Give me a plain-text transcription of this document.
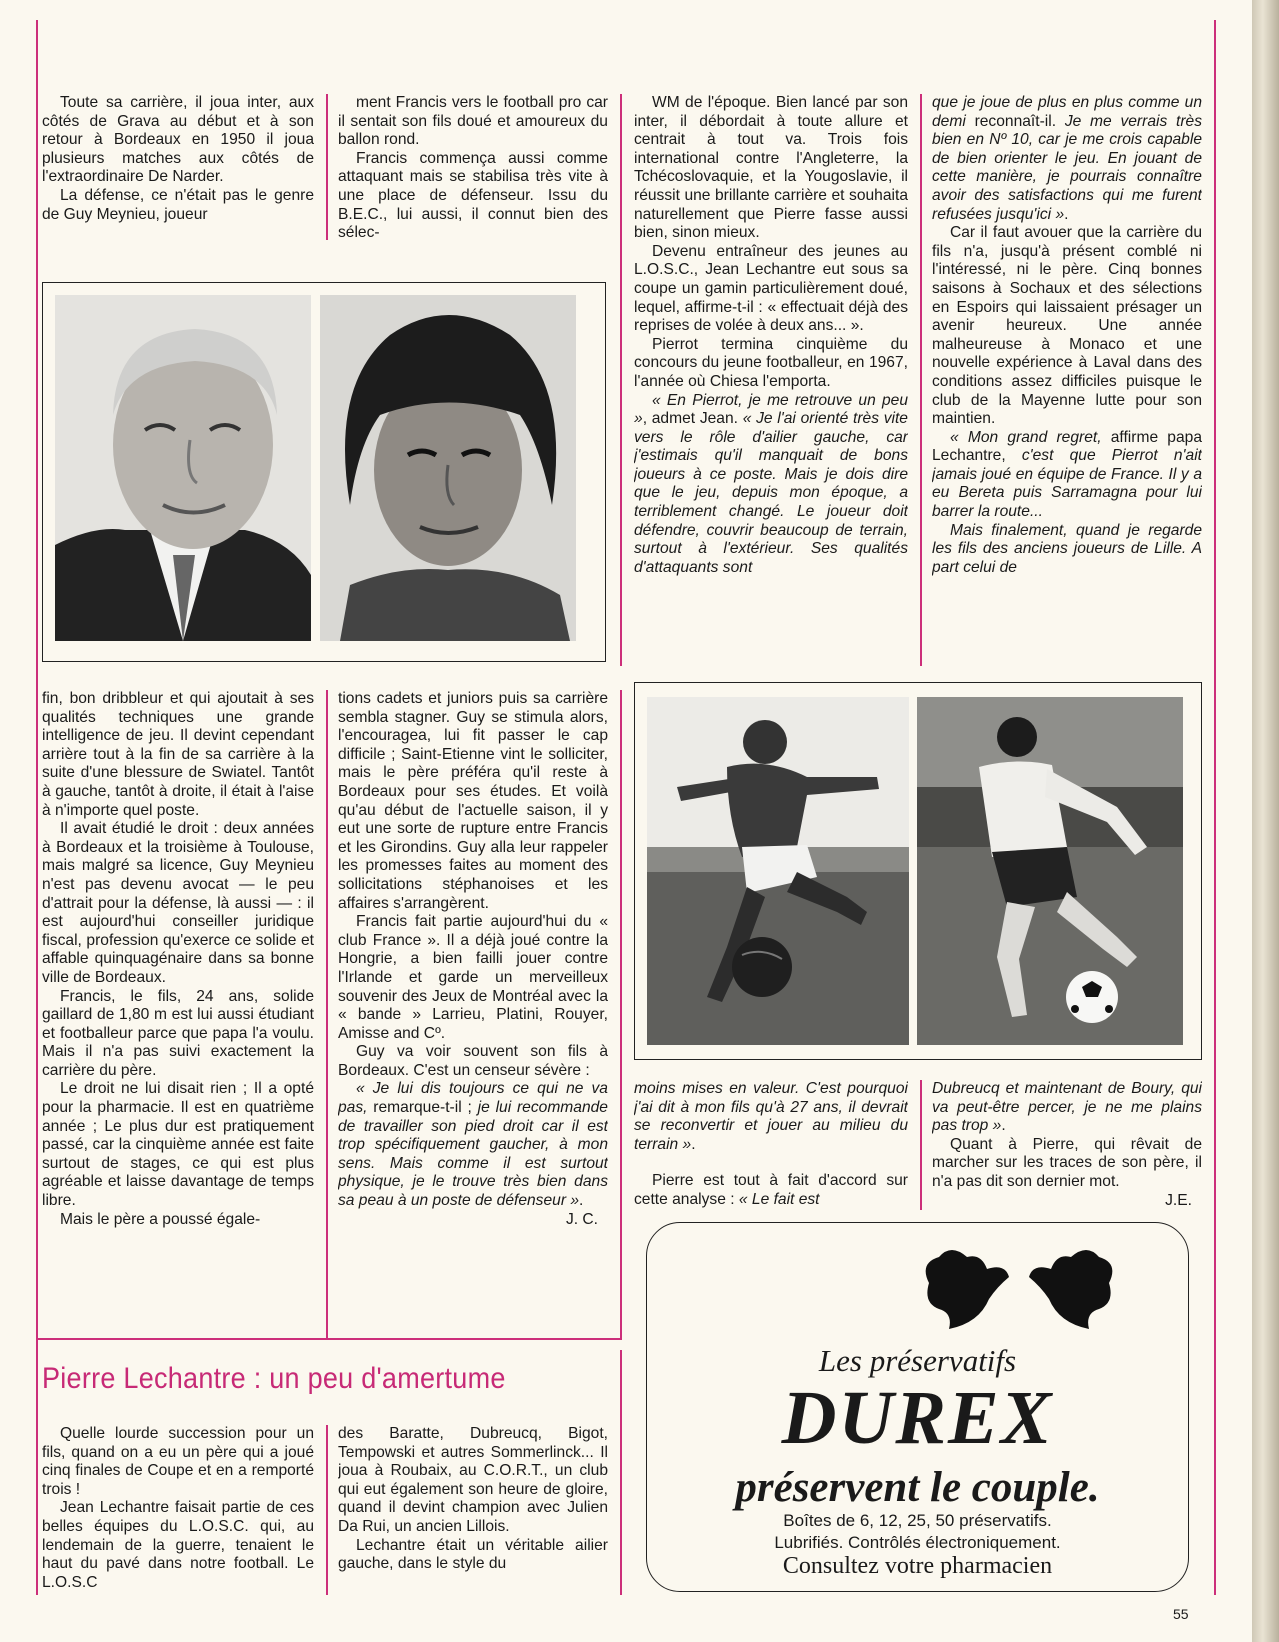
Toute sa carrière, il joua inter, aux côtés de Grava au début et à son retour à Bordeaux en 1950 il joua plusieurs matches aux côtés de l'extraordinaire De Narder.

La défense, ce n'était pas le genre de Guy Meynieu, joueur

ment Francis vers le football pro car il sentait son fils doué et amoureux du ballon rond.

Francis commença aussi comme attaquant mais se stabilisa très vite à une place de défenseur. Issu du B.E.C., lui aussi, il connut bien des sélec-

WM de l'époque. Bien lancé par son inter, il débordait à toute allure et centrait à tout va. Trois fois international contre l'Angleterre, la Tchécoslovaquie, et la Yougoslavie, il réussit une brillante carrière et souhaita naturellement que Pierre fasse aussi bien, sinon mieux.

Devenu entraîneur des jeunes au L.O.S.C., Jean Lechantre eut sous sa coupe un gamin particulièrement doué, lequel, affirme-t-il : « effectuait déjà des reprises de volée à deux ans... ».

Pierrot termina cinquième du concours du jeune footballeur, en 1967, l'année où Chiesa l'emporta.

« En Pierrot, je me retrouve un peu », admet Jean. « Je l'ai orienté très vite vers le rôle d'ailier gauche, car j'estimais qu'il manquait de bons joueurs à ce poste. Mais je dois dire que le jeu, depuis mon époque, a terriblement changé. Le joueur doit défendre, couvrir beaucoup de terrain, surtout à l'extérieur. Ses qualités d'attaquants sont

que je joue de plus en plus comme un demi reconnaît-il. Je me verrais très bien en Nº 10, car je me crois capable de bien orienter le jeu. En jouant de cette manière, je pourrais connaître avoir des satisfactions qui me furent refusées jusqu'ici ».

Car il faut avouer que la carrière du fils n'a, jusqu'à présent comblé ni l'intéressé, ni le père. Cinq bonnes saisons à Sochaux et des sélections en Espoirs qui laissaient présager un avenir heureux. Une année malheureuse à Monaco et une nouvelle expérience à Laval dans des conditions assez difficiles puisque le club de la Mayenne lutte pour son maintien.

« Mon grand regret, affirme papa Lechantre, c'est que Pierrot n'ait jamais joué en équipe de France. Il y a eu Bereta puis Sarramagna pour lui barrer la route...

Mais finalement, quand je regarde les fils des anciens joueurs de Lille. A part celui de

fin, bon dribbleur et qui ajoutait à ses qualités techniques une grande intelligence de jeu. Il devint cependant arrière tout à la fin de sa carrière à la suite d'une blessure de Swiatel. Tantôt à gauche, tantôt à droite, il était à l'aise à n'importe quel poste.

Il avait étudié le droit : deux années à Bordeaux et la troisième à Toulouse, mais malgré sa licence, Guy Meynieu n'est pas devenu avocat — le peu d'attrait pour la défense, là aussi — : il est aujourd'hui conseiller juridique fiscal, profession qu'exerce ce solide et affable quinquagénaire dans sa bonne ville de Bordeaux.

Francis, le fils, 24 ans, solide gaillard de 1,80 m est lui aussi étudiant et footballeur parce que papa l'a voulu. Mais il n'a pas suivi exactement la carrière du père.

Le droit ne lui disait rien ; Il a opté pour la pharmacie. Il est en quatrième année ; Le plus dur est pratiquement passé, car la cinquième année est faite surtout de stages, ce qui est plus agréable et laisse davantage de temps libre.

Mais le père a poussé égale-

tions cadets et juniors puis sa carrière sembla stagner. Guy se stimula alors, l'encouragea, lui fit passer le cap difficile ; Saint-Etienne vint le solliciter, mais le père préféra qu'il reste à Bordeaux pour ses études. Et voilà qu'au début de l'actuelle saison, il y eut une sorte de rupture entre Francis et les Girondins. Guy alla leur rappeler les promesses faites au moment des sollicitations stéphanoises et les affaires s'arrangèrent.

Francis fait partie aujourd'hui du « club France ». Il a déjà joué contre la Hongrie, a bien failli jouer contre l'Irlande et garde un merveilleux souvenir des Jeux de Montréal avec la « bande » Larrieu, Platini, Rouyer, Amisse and Cº.

Guy va voir souvent son fils à Bordeaux. C'est un censeur sévère :

« Je lui dis toujours ce qui ne va pas, remarque-t-il ; je lui recommande de travailler son pied droit car il est trop spécifiquement gaucher, à mon sens. Mais comme il est surtout physique, je le trouve très bien dans sa peau à un poste de défenseur ».

J. C.

moins mises en valeur. C'est pourquoi j'ai dit à mon fils qu'à 27 ans, il devrait se reconvertir et jouer au milieu du terrain ».

Pierre est tout à fait d'accord sur cette analyse : « Le fait est

Dubreucq et maintenant de Boury, qui va peut-être percer, je ne me plains pas trop ».

Quant à Pierre, qui rêvait de marcher sur les traces de son père, il n'a pas dit son dernier mot.

J.E.

Pierre Lechantre : un peu d'amertume

Quelle lourde succession pour un fils, quand on a eu un père qui a joué cinq finales de Coupe et en a remporté trois !

Jean Lechantre faisait partie de ces belles équipes du L.O.S.C. qui, au lendemain de la guerre, tenaient le haut du pavé dans notre football. Le L.O.S.C

des Baratte, Dubreucq, Bigot, Tempowski et autres Sommerlinck... Il joua à Roubaix, au C.O.R.T., un club qui eut également son heure de gloire, quand il devint champion avec Julien Da Rui, un ancien Lillois.

Lechantre était un véritable ailier gauche, dans le style du

Les préservatifs
DUREX
préservent le couple.
Boîtes de 6, 12, 25, 50 préservatifs.
Lubrifiés. Contrôlés électroniquement.
Consultez votre pharmacien
55
